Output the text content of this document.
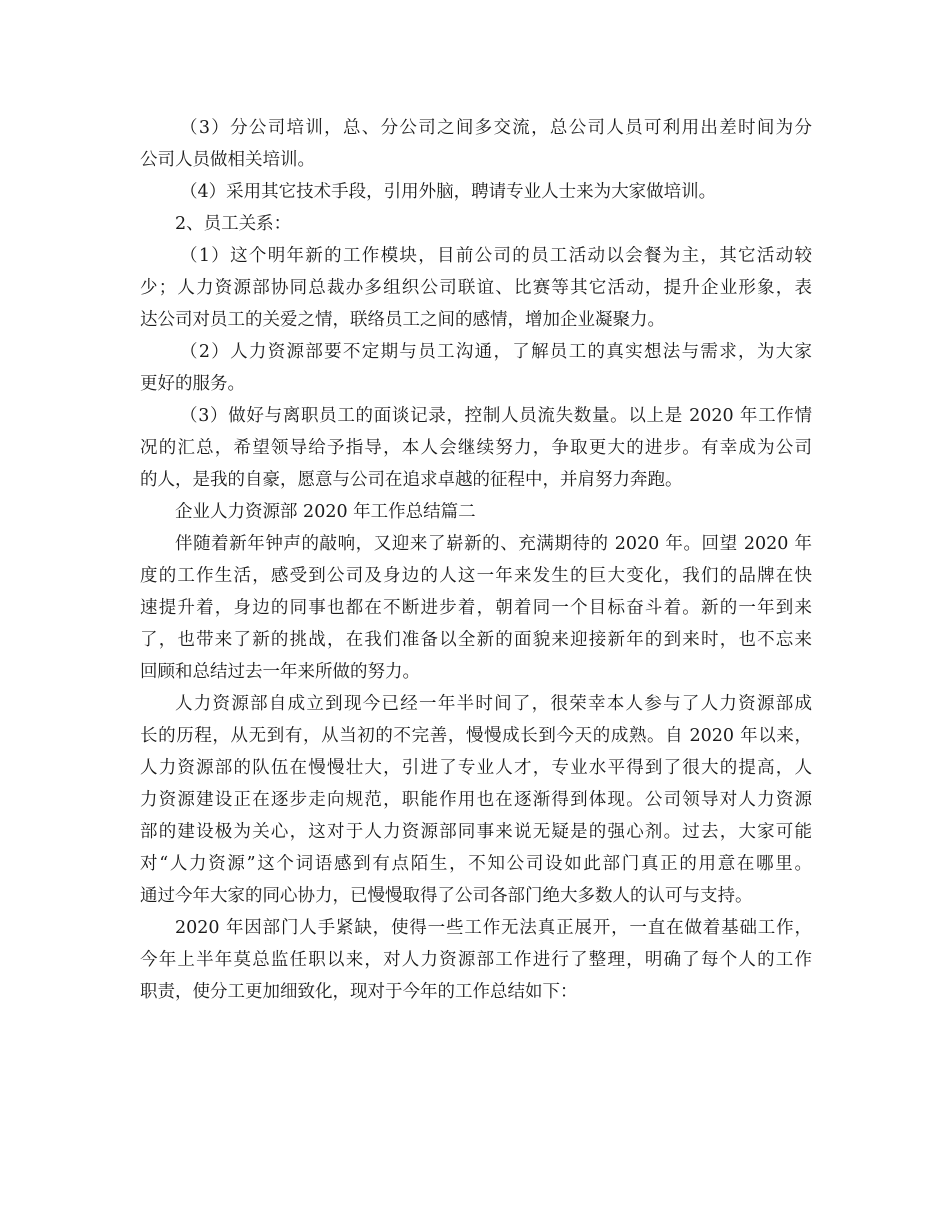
（3）分公司培训，总、分公司之间多交流，总公司人员可利用出差时间为分
公司人员做相关培训。
（4）采用其它技术手段，引用外脑，聘请专业人士来为大家做培训。
2、员工关系：
（1）这个明年新的工作模块，目前公司的员工活动以会餐为主，其它活动较
少；人力资源部协同总裁办多组织公司联谊、比赛等其它活动，提升企业形象，表
达公司对员工的关爱之情，联络员工之间的感情，增加企业凝聚力。
（2）人力资源部要不定期与员工沟通，了解员工的真实想法与需求，为大家
更好的服务。
（3）做好与离职员工的面谈记录，控制人员流失数量。以上是 2020 年工作情
况的汇总，希望领导给予指导，本人会继续努力，争取更大的进步。有幸成为公司
的人，是我的自豪，愿意与公司在追求卓越的征程中，并肩努力奔跑。
企业人力资源部 2020 年工作总结篇二
伴随着新年钟声的敲响，又迎来了崭新的、充满期待的 2020 年。回望 2020 年
度的工作生活，感受到公司及身边的人这一年来发生的巨大变化，我们的品牌在快
速提升着，身边的同事也都在不断进步着，朝着同一个目标奋斗着。新的一年到来
了，也带来了新的挑战，在我们准备以全新的面貌来迎接新年的到来时，也不忘来
回顾和总结过去一年来所做的努力。
人力资源部自成立到现今已经一年半时间了，很荣幸本人参与了人力资源部成
长的历程，从无到有，从当初的不完善，慢慢成长到今天的成熟。自 2020 年以来，
人力资源部的队伍在慢慢壮大，引进了专业人才，专业水平得到了很大的提高，人
力资源建设正在逐步走向规范，职能作用也在逐渐得到体现。公司领导对人力资源
部的建设极为关心，这对于人力资源部同事来说无疑是的强心剂。过去，大家可能
对“人力资源”这个词语感到有点陌生，不知公司设如此部门真正的用意在哪里。
通过今年大家的同心协力，已慢慢取得了公司各部门绝大多数人的认可与支持。
2020 年因部门人手紧缺，使得一些工作无法真正展开，一直在做着基础工作，
今年上半年莫总监任职以来，对人力资源部工作进行了整理，明确了每个人的工作
职责，使分工更加细致化，现对于今年的工作总结如下：
